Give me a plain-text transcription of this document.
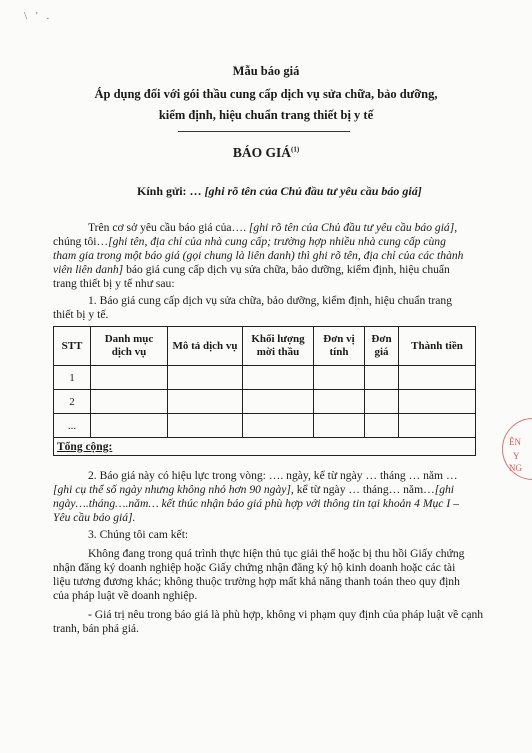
\ ' .
Mẫu báo giá
Áp dụng đối với gói thầu cung cấp dịch vụ sửa chữa, bảo dưỡng,
kiểm định, hiệu chuẩn trang thiết bị y tế
BÁO GIÁ$^{(1)}$
Kính gửi: … [ghi rõ tên của Chủ đầu tư yêu cầu báo giá]
Trên cơ sở yêu cầu báo giá của…. [ghi rõ tên của Chủ đầu tư yêu cầu báo giá],
chúng tôi…[ghi tên, địa chỉ của nhà cung cấp; trường hợp nhiều nhà cung cấp cùng
tham gia trong một báo giá (gọi chung là liên danh) thì ghi rõ tên, địa chỉ của các thành
viên liên danh] báo giá cung cấp dịch vụ sửa chữa, bảo dưỡng, kiểm định, hiệu chuẩn
trang thiết bị y tế như sau:
1. Báo giá cung cấp dịch vụ sửa chữa, bảo dưỡng, kiểm định, hiệu chuẩn trang
thiết bị y tế.
STT	Danh mục dịch vụ	Mô tả dịch vụ	Khối lượng mời thầu	Đơn vị tính	Đơn giá	Thành tiền
1						
2						
...						
Tổng cộng:						
2. Báo giá này có hiệu lực trong vòng: …. ngày, kể từ ngày … tháng … năm …
[ghi cụ thể số ngày nhưng không nhỏ hơn 90 ngày], kể từ ngày … tháng… năm…[ghi
ngày….tháng….năm… kết thúc nhận báo giá phù hợp với thông tin tại khoản 4 Mục I –
Yêu cầu báo giá].
3. Chúng tôi cam kết:
Không đang trong quá trình thực hiện thủ tục giải thể hoặc bị thu hồi Giấy chứng
nhận đăng ký doanh nghiệp hoặc Giấy chứng nhận đăng ký hộ kinh doanh hoặc các tài
liệu tương đương khác; không thuộc trường hợp mất khả năng thanh toán theo quy định
của pháp luật về doanh nghiệp.
- Giá trị nêu trong báo giá là phù hợp, không vi phạm quy định của pháp luật về cạnh
tranh, bán phá giá.
ÊN
Y
NG
